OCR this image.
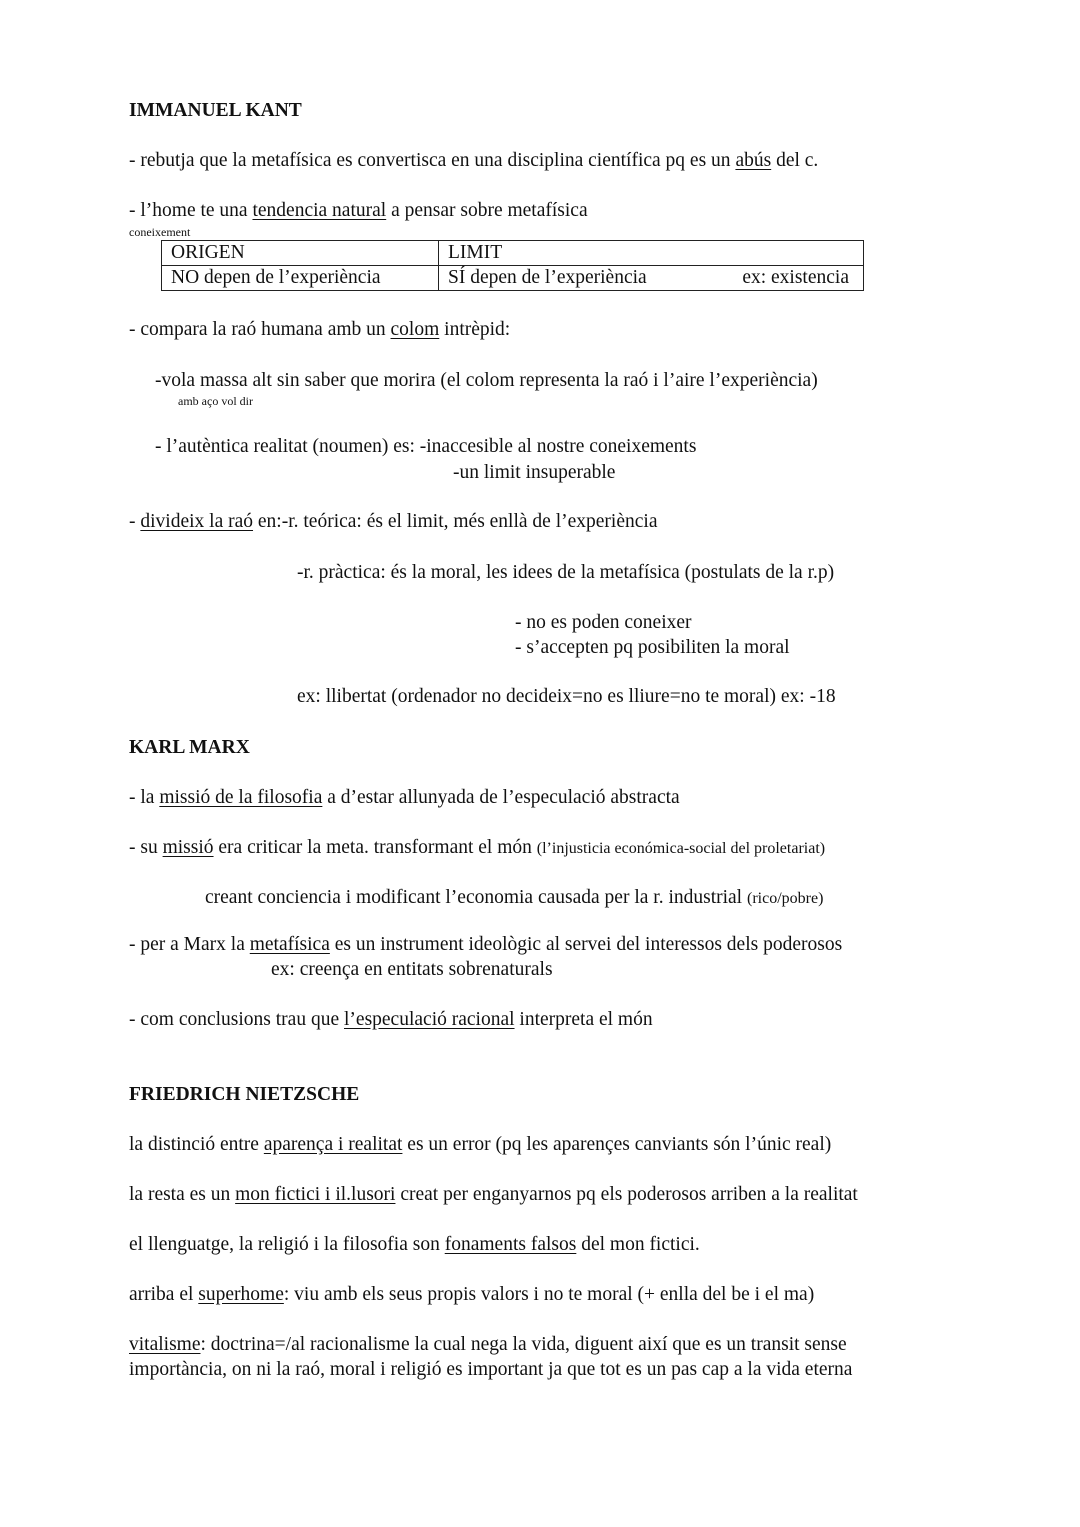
IMMANUEL KANT
- rebutja que la metafísica es convertisca en una disciplina científica pq es un abús del c.
- l’home te una tendencia natural a pensar sobre metafísica
coneixement
ORIGEN	LIMIT
NO depen de l’experiència	SÍ depen de l’experiència ex: existencia
- compara la raó humana amb un colom intrèpid:
-vola massa alt sin saber que morira (el colom representa la raó i l’aire l’experiència)
amb aço vol dir
- l’autèntica realitat (noumen) es: -inaccesible al nostre coneixements
-un limit insuperable
- divideix la raó en:-r. teórica: és el limit, més enllà de l’experiència
-r. pràctica: és la moral, les idees de la metafísica (postulats de la r.p)
- no es poden coneixer
- s’accepten pq posibiliten la moral
ex: llibertat (ordenador no decideix=no es lliure=no te moral) ex: -18
KARL MARX
- la missió de la filosofia a d’estar allunyada de l’especulació abstracta
- su missió era criticar la meta. transformant el món (l’injusticia económica-social del proletariat)
creant conciencia i modificant l’economia causada per la r. industrial (rico/pobre)
- per a Marx la metafísica es un instrument ideològic al servei del interessos dels poderosos
ex: creença en entitats sobrenaturals
- com conclusions trau que l’especulació racional interpreta el món
FRIEDRICH NIETZSCHE
la distinció entre aparença i realitat es un error (pq les aparençes canviants són l’únic real)
la resta es un mon fictici i il.lusori creat per enganyarnos pq els poderosos arriben a la realitat
el llenguatge, la religió i la filosofia son fonaments falsos del mon fictici.
arriba el superhome: viu amb els seus propis valors i no te moral (+ enlla del be i el ma)
vitalisme: doctrina=/al racionalisme la cual nega la vida, diguent així que es un transit sense
importància, on ni la raó, moral i religió es important ja que tot es un pas cap a la vida eterna
